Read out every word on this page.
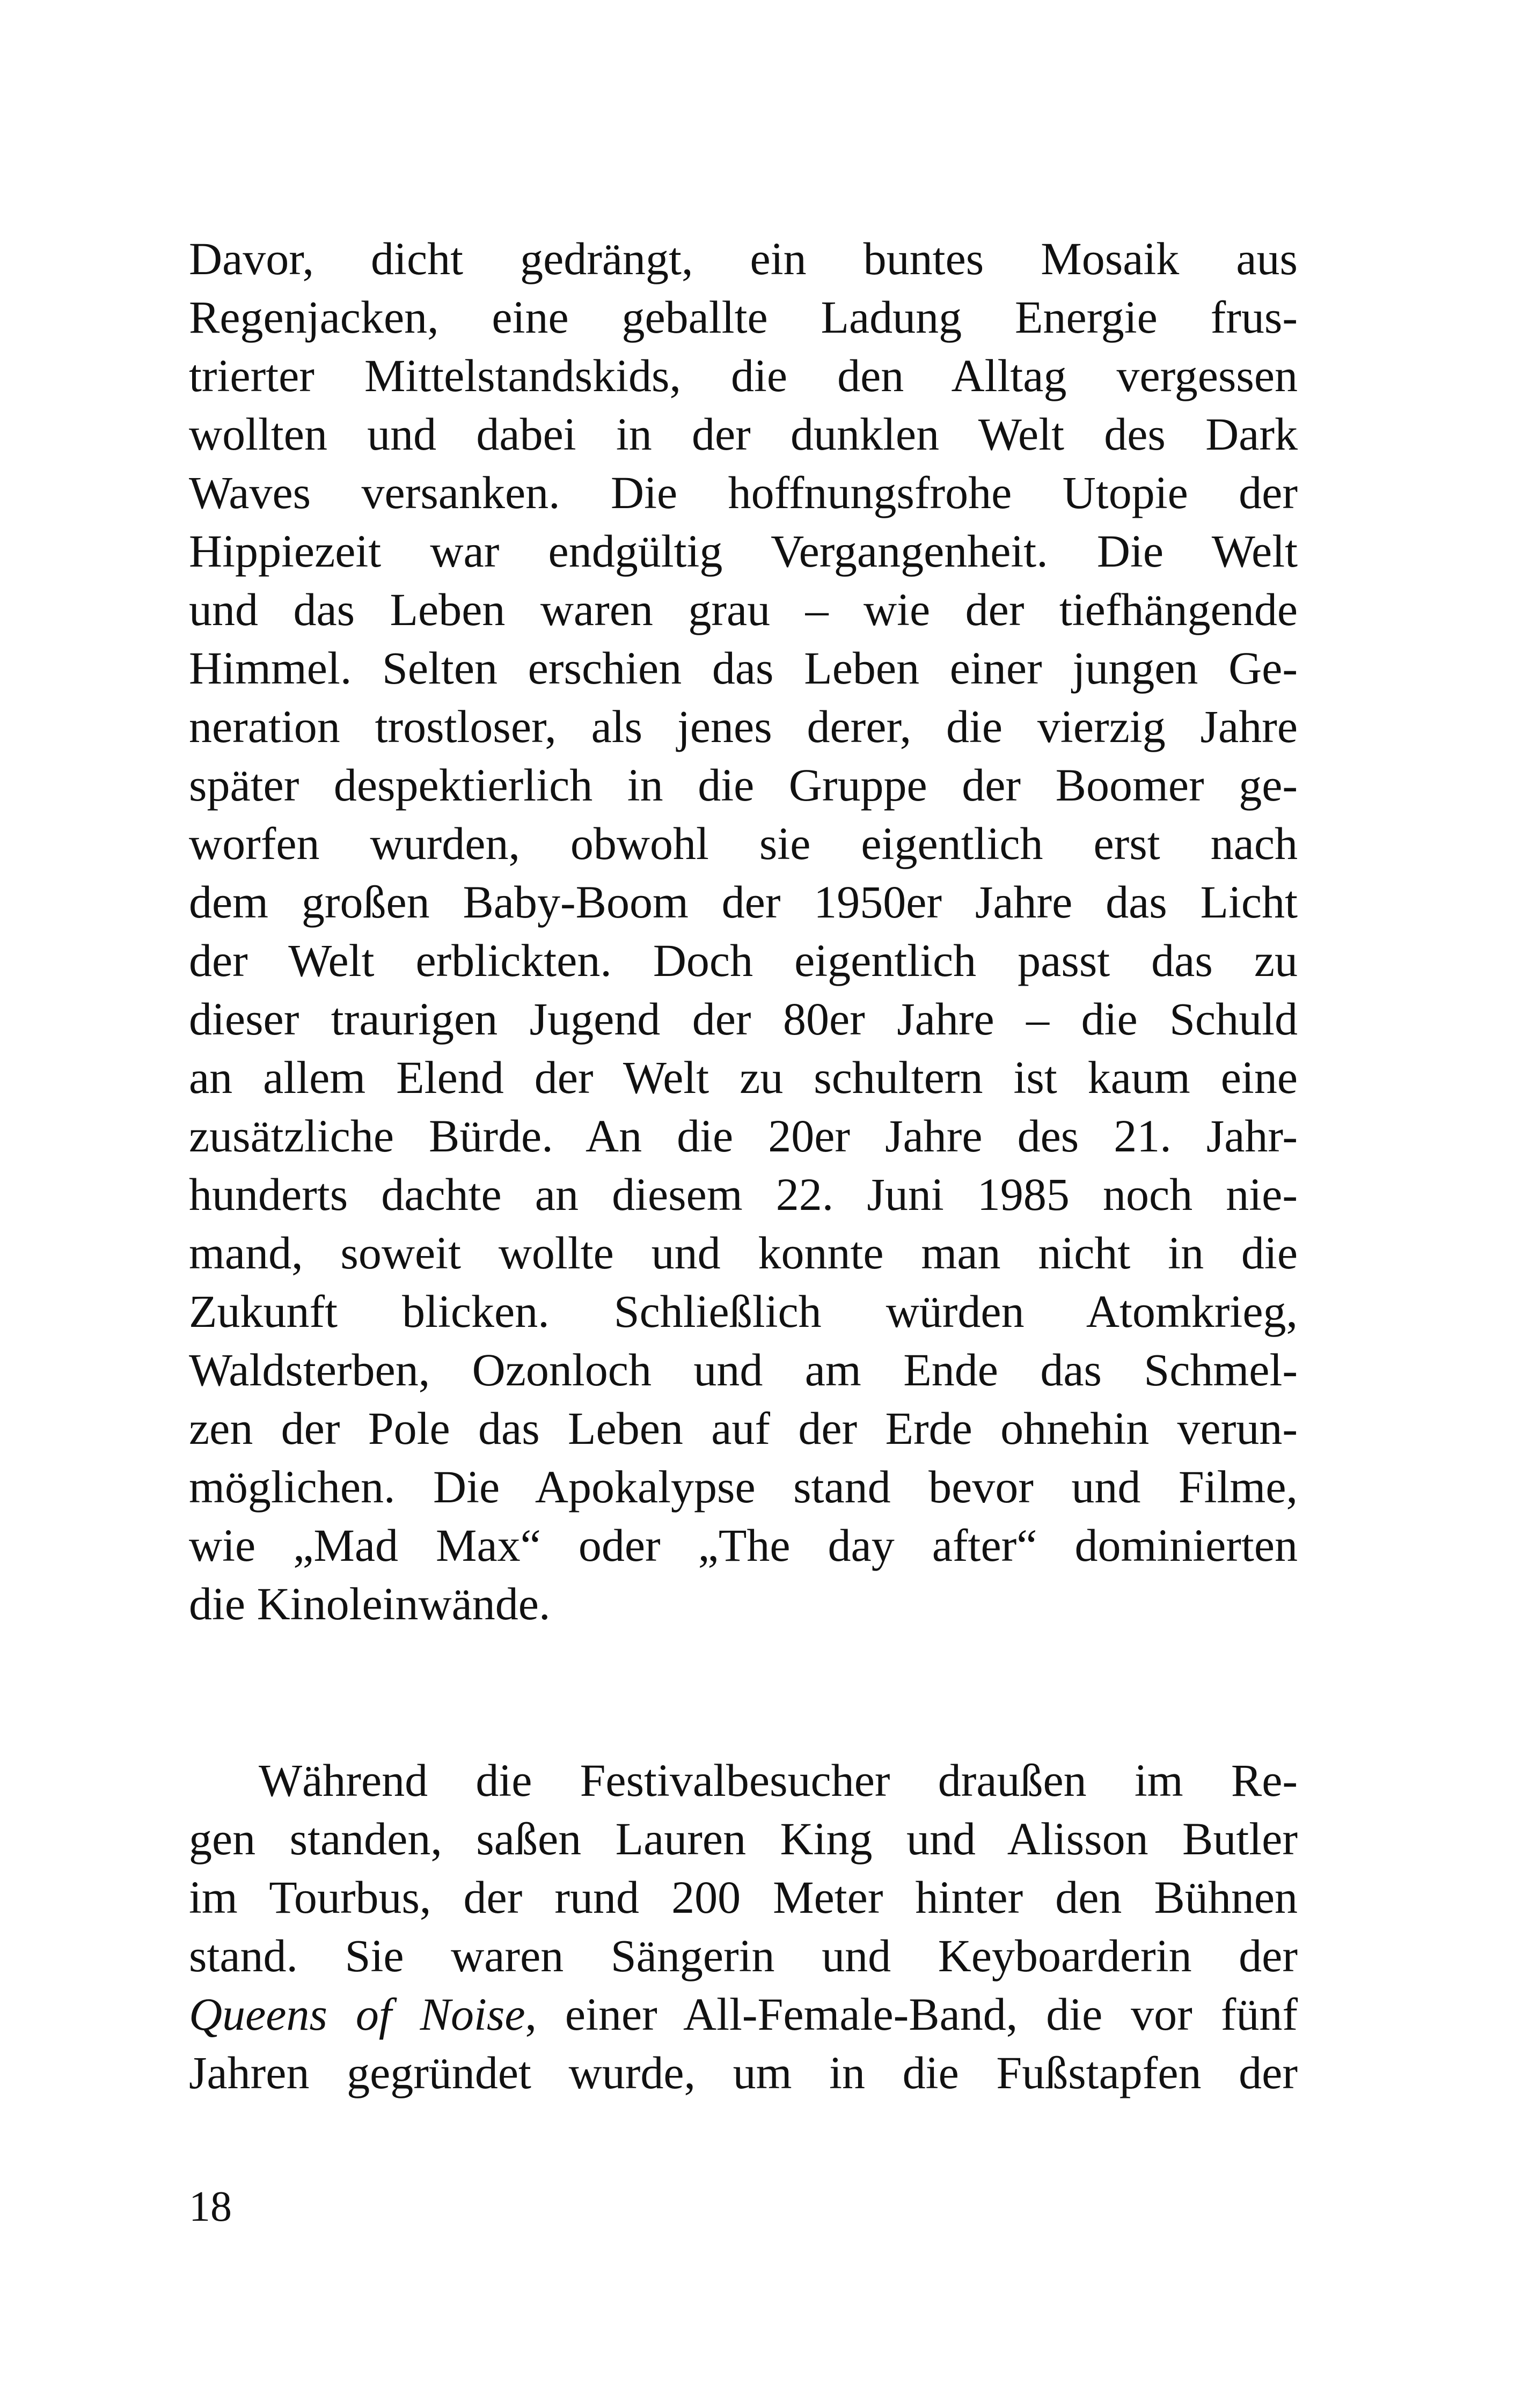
Davor, dicht gedrängt, ein buntes Mosaik aus
Regenjacken, eine geballte Ladung Energie frus-
trierter Mittelstandskids, die den Alltag vergessen
wollten und dabei in der dunklen Welt des Dark
Waves versanken. Die hoffnungsfrohe Utopie der
Hippiezeit war endgültig Vergangenheit. Die Welt
und das Leben waren grau – wie der tiefhängende
Himmel. Selten erschien das Leben einer jungen Ge-
neration trostloser, als jenes derer, die vierzig Jahre
später despektierlich in die Gruppe der Boomer ge-
worfen wurden, obwohl sie eigentlich erst nach
dem großen Baby-Boom der 1950er Jahre das Licht
der Welt erblickten. Doch eigentlich passt das zu
dieser traurigen Jugend der 80er Jahre – die Schuld
an allem Elend der Welt zu schultern ist kaum eine
zusätzliche Bürde. An die 20er Jahre des 21. Jahr-
hunderts dachte an diesem 22. Juni 1985 noch nie-
mand, soweit wollte und konnte man nicht in die
Zukunft blicken. Schließlich würden Atomkrieg,
Waldsterben, Ozonloch und am Ende das Schmel-
zen der Pole das Leben auf der Erde ohnehin verun-
möglichen. Die Apokalypse stand bevor und Filme,
wie „Mad Max“ oder „The day after“ dominierten
die Kinoleinwände.
Während die Festivalbesucher draußen im Re-
gen standen, saßen Lauren King und Alisson Butler
im Tourbus, der rund 200 Meter hinter den Bühnen
stand. Sie waren Sängerin und Keyboarderin der
Queens of Noise, einer All-Female-Band, die vor fünf
Jahren gegründet wurde, um in die Fußstapfen der
18
